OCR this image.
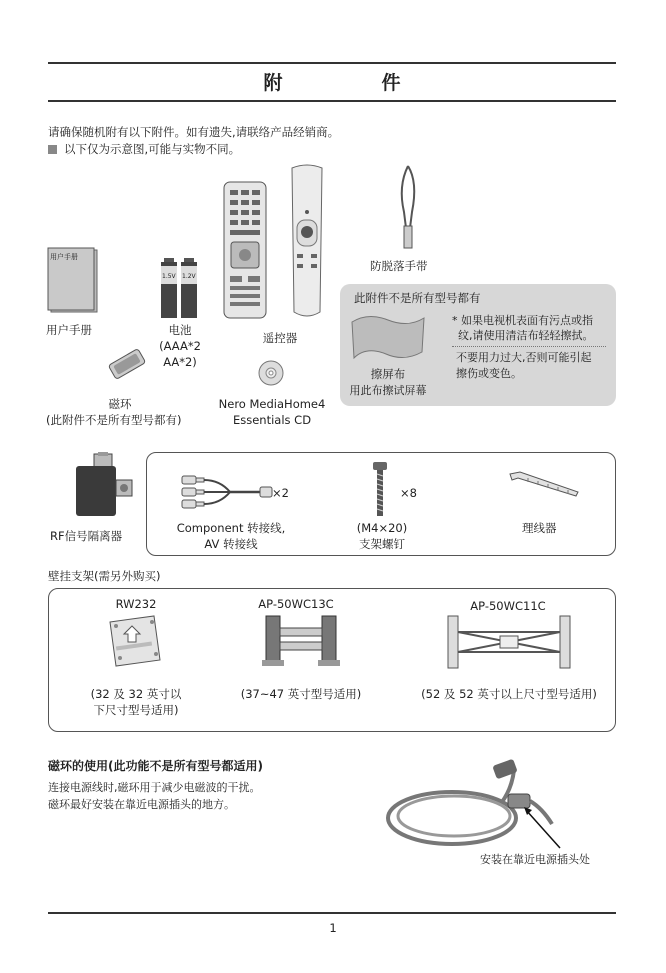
附　件
请确保随机附有以下附件。如有遗失,请联络产品经销商。
以下仅为示意图,可能与实物不同。
用户手册
用户手册
1.5V 1.2V
电池
(AAA*2
AA*2)
遥控器
防脱落手带
磁环
(此附件不是所有型号都有)
Nero MediaHome4
Essentials CD
此附件不是所有型号都有
* 如果电视机表面有污点或指
纹,请使用清洁布轻轻擦拭。
不要用力过大,否则可能引起
擦伤或变色。
擦屏布
用此布擦试屏幕
RF信号隔离器
×2
Component 转接线,
AV 转接线
×8
(M4×20)
支架螺钉
理线器
壁挂支架(需另外购买)
RW232
(32 及 32 英寸以
下尺寸型号适用)
AP-50WC13C
(37~47 英寸型号适用)
AP-50WC11C
(52 及 52 英寸以上尺寸型号适用)
磁环的使用(此功能不是所有型号都适用)
连接电源线时,磁环用于减少电磁波的干扰。
磁环最好安装在靠近电源插头的地方。
安装在靠近电源插头处
1
